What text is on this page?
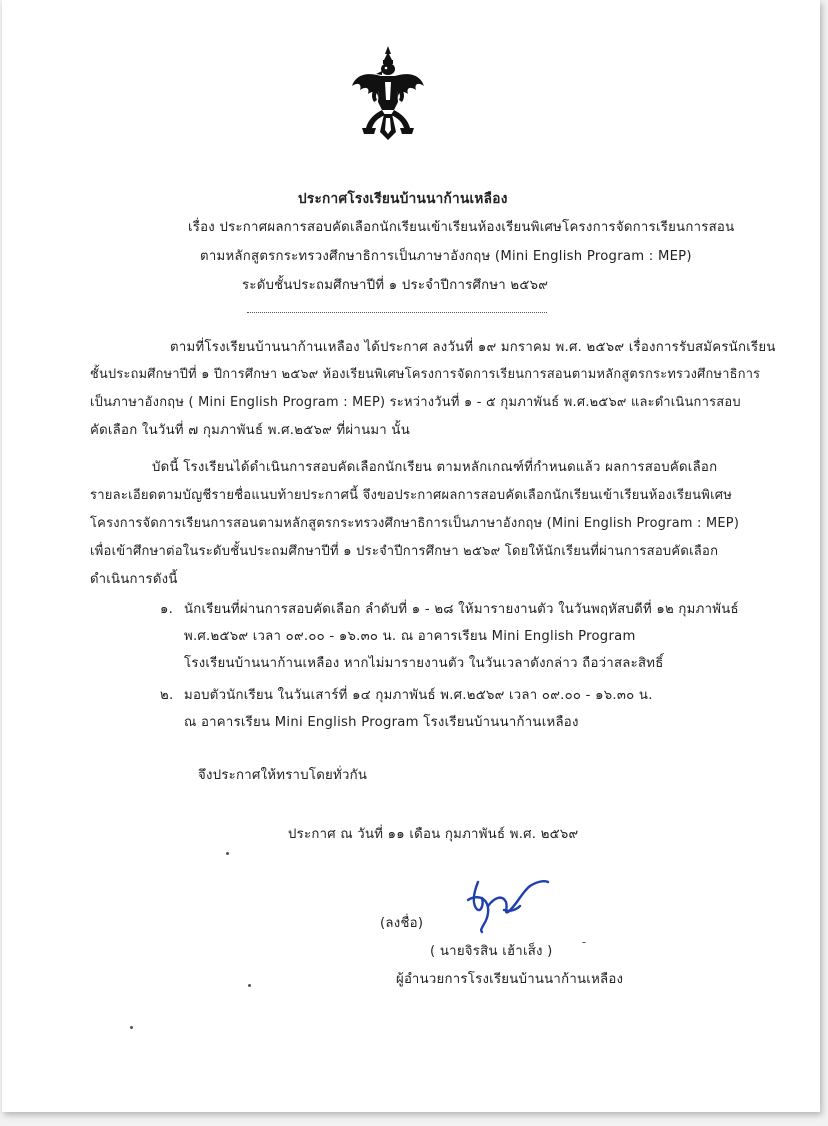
ประกาศโรงเรียนบ้านนาก้านเหลือง
เรื่อง ประกาศผลการสอบคัดเลือกนักเรียนเข้าเรียนห้องเรียนพิเศษโครงการจัดการเรียนการสอน
ตามหลักสูตรกระทรวงศึกษาธิการเป็นภาษาอังกฤษ (Mini English Program : MEP)
ระดับชั้นประถมศึกษาปีที่ ๑ ประจำปีการศึกษา ๒๕๖๙
ตามที่โรงเรียนบ้านนาก้านเหลือง ได้ประกาศ ลงวันที่ ๑๙ มกราคม พ.ศ. ๒๕๖๙ เรื่องการรับสมัครนักเรียน
ชั้นประถมศึกษาปีที่ ๑ ปีการศึกษา ๒๕๖๙ ห้องเรียนพิเศษโครงการจัดการเรียนการสอนตามหลักสูตรกระทรวงศึกษาธิการ
เป็นภาษาอังกฤษ ( Mini English Program : MEP) ระหว่างวันที่ ๑ - ๕ กุมภาพันธ์ พ.ศ.๒๕๖๙ และดำเนินการสอบ
คัดเลือก ในวันที่ ๗ กุมภาพันธ์ พ.ศ.๒๕๖๙ ที่ผ่านมา นั้น
บัดนี้ โรงเรียนได้ดำเนินการสอบคัดเลือกนักเรียน ตามหลักเกณฑ์ที่กำหนดแล้ว ผลการสอบคัดเลือก
รายละเอียดตามบัญชีรายชื่อแนบท้ายประกาศนี้ จึงขอประกาศผลการสอบคัดเลือกนักเรียนเข้าเรียนห้องเรียนพิเศษ
โครงการจัดการเรียนการสอนตามหลักสูตรกระทรวงศึกษาธิการเป็นภาษาอังกฤษ (Mini English Program : MEP)
เพื่อเข้าศึกษาต่อในระดับชั้นประถมศึกษาปีที่ ๑ ประจำปีการศึกษา ๒๕๖๙ โดยให้นักเรียนที่ผ่านการสอบคัดเลือก
ดำเนินการดังนี้
๑. นักเรียนที่ผ่านการสอบคัดเลือก ลำดับที่ ๑ - ๒๘ ให้มารายงานตัว ในวันพฤหัสบดีที่ ๑๒ กุมภาพันธ์
พ.ศ.๒๕๖๙ เวลา ๐๙.๐๐ - ๑๖.๓๐ น. ณ อาคารเรียน Mini English Program
โรงเรียนบ้านนาก้านเหลือง หากไม่มารายงานตัว ในวันเวลาดังกล่าว ถือว่าสละสิทธิ์
๒. มอบตัวนักเรียน ในวันเสาร์ที่ ๑๔ กุมภาพันธ์ พ.ศ.๒๕๖๙ เวลา ๐๙.๐๐ - ๑๖.๓๐ น.
ณ อาคารเรียน Mini English Program โรงเรียนบ้านนาก้านเหลือง
จึงประกาศให้ทราบโดยทั่วกัน
ประกาศ ณ วันที่ ๑๑ เดือน กุมภาพันธ์ พ.ศ. ๒๕๖๙
(ลงชื่อ)
( นายจิรสิน เฮ้าเส็ง )
ผู้อำนวยการโรงเรียนบ้านนาก้านเหลือง
